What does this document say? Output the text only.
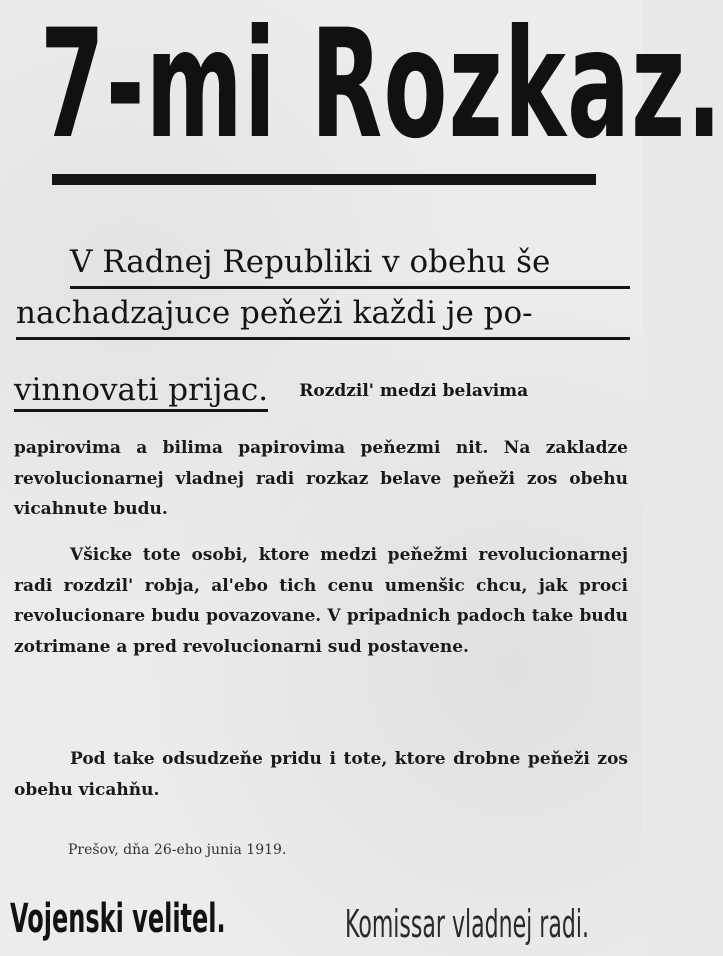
7-mi Rozkaz.
V Radnej Republiki v obehu še
nachadzajuce peňeži každi je po-
vinnovati prijac. Rozdzil' medzi belavima

papirovima a bilima papirovima peňezmi nit. Na zakladze revolucionarnej vladnej radi rozkaz belave peňeži zos obehu vicahnute budu.

Všicke tote osobi, ktore medzi peňežmi revolucionarnej radi rozdzil' robja, al'ebo tich cenu umenšic chcu, jak proci revolucionare budu povazovane. V pripadnich padoch take budu zotrimane a pred revolucionarni sud postavene.

Pod take odsudzeňe pridu i tote, ktore drobne peňeži zos obehu vicahňu.

Prešov, dňa 26-eho junia 1919.
Vojenski velitel.	Komissar vladnej radi.
